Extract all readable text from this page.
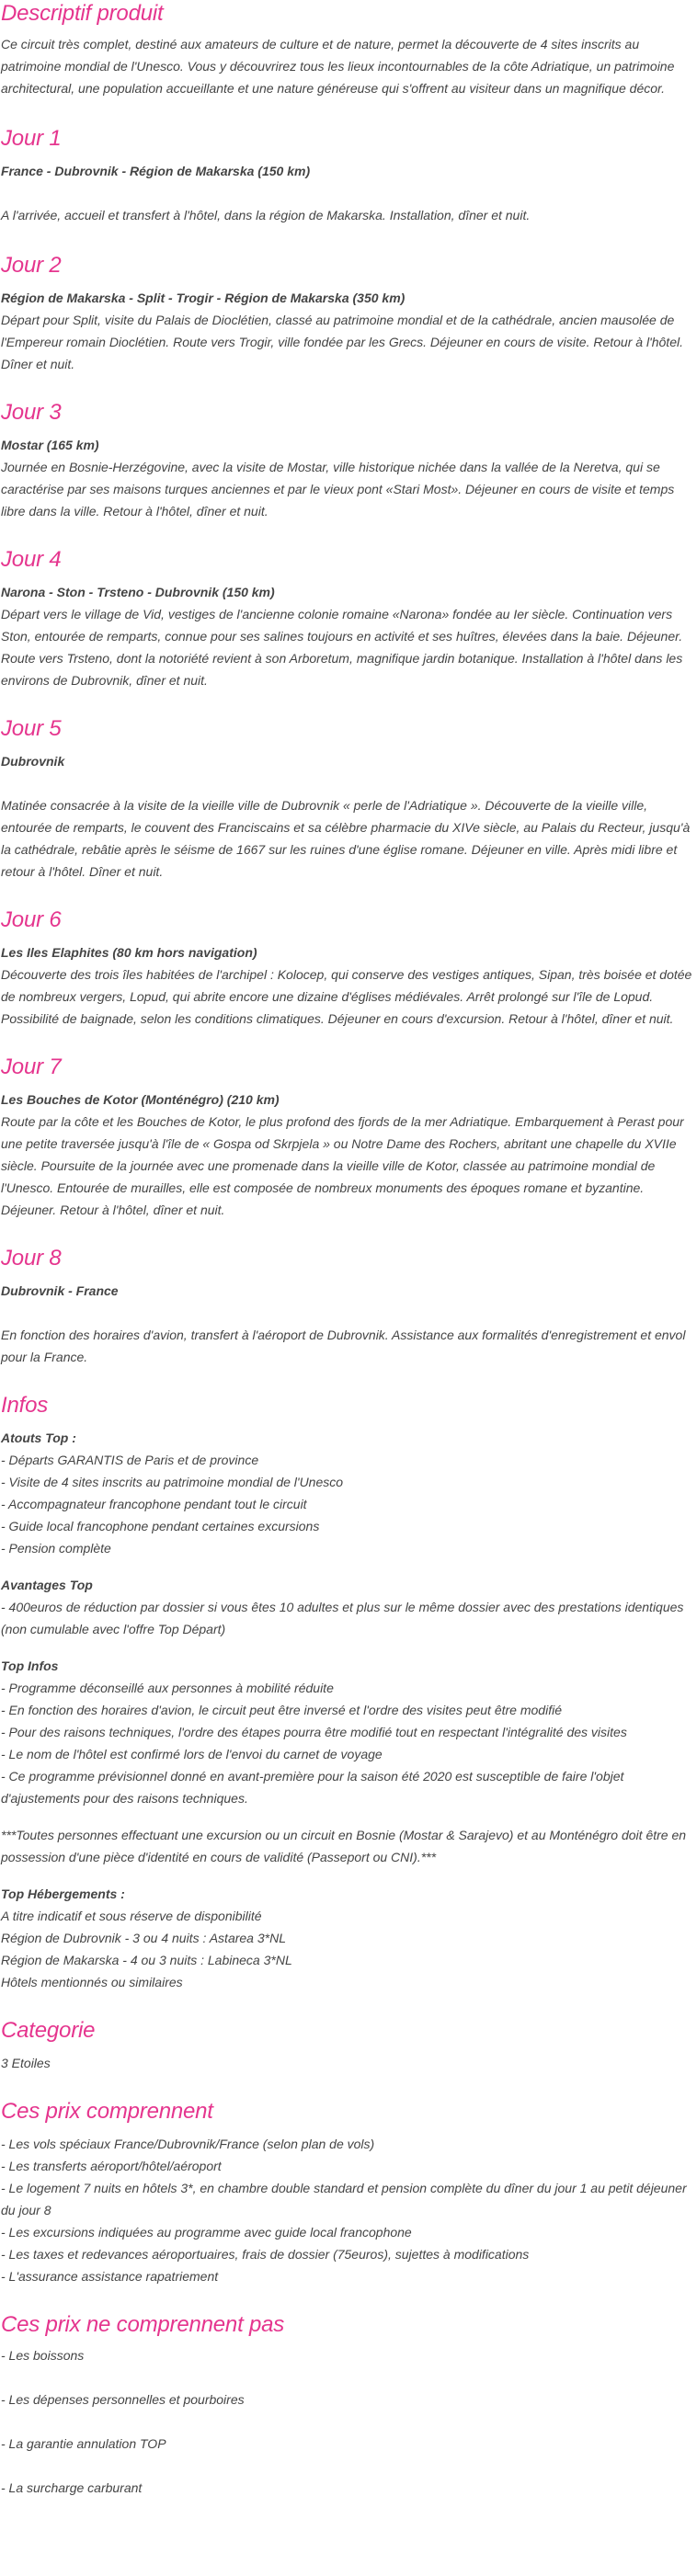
Descriptif produit

Ce circuit très complet, destiné aux amateurs de culture et de nature, permet la découverte de 4 sites inscrits au patrimoine mondial de l'Unesco. Vous y découvrirez tous les lieux incontournables de la côte Adriatique, un patrimoine architectural, une population accueillante et une nature généreuse qui s'offrent au visiteur dans un magnifique décor.

Jour 1

France - Dubrovnik - Région de Makarska (150 km)

A l'arrivée, accueil et transfert à l'hôtel, dans la région de Makarska. Installation, dîner et nuit.

Jour 2

Région de Makarska - Split - Trogir - Région de Makarska (350 km)

Départ pour Split, visite du Palais de Dioclétien, classé au patrimoine mondial et de la cathédrale, ancien mausolée de l'Empereur romain Dioclétien. Route vers Trogir, ville fondée par les Grecs. Déjeuner en cours de visite. Retour à l'hôtel. Dîner et nuit.

Jour 3

Mostar (165 km)

Journée en Bosnie-Herzégovine, avec la visite de Mostar, ville historique nichée dans la vallée de la Neretva, qui se caractérise par ses maisons turques anciennes et par le vieux pont «Stari Most». Déjeuner en cours de visite et temps libre dans la ville. Retour à l'hôtel, dîner et nuit.

Jour 4

Narona - Ston - Trsteno - Dubrovnik (150 km)

Départ vers le village de Vid, vestiges de l'ancienne colonie romaine «Narona» fondée au Ier siècle. Continuation vers Ston, entourée de remparts, connue pour ses salines toujours en activité et ses huîtres, élevées dans la baie. Déjeuner. Route vers Trsteno, dont la notoriété revient à son Arboretum, magnifique jardin botanique. Installation à l'hôtel dans les environs de Dubrovnik, dîner et nuit.

Jour 5

Dubrovnik

Matinée consacrée à la visite de la vieille ville de Dubrovnik « perle de l'Adriatique ». Découverte de la vieille ville, entourée de remparts, le couvent des Franciscains et sa célèbre pharmacie du XIVe siècle, au Palais du Recteur, jusqu'à la cathédrale, rebâtie après le séisme de 1667 sur les ruines d'une église romane. Déjeuner en ville. Après midi libre et retour à l'hôtel. Dîner et nuit.

Jour 6

Les Iles Elaphites (80 km hors navigation)

Découverte des trois îles habitées de l'archipel : Kolocep, qui conserve des vestiges antiques, Sipan, très boisée et dotée de nombreux vergers, Lopud, qui abrite encore une dizaine d'églises médiévales. Arrêt prolongé sur l'île de Lopud. Possibilité de baignade, selon les conditions climatiques. Déjeuner en cours d'excursion. Retour à l'hôtel, dîner et nuit.

Jour 7

Les Bouches de Kotor (Monténégro) (210 km)

Route par la côte et les Bouches de Kotor, le plus profond des fjords de la mer Adriatique. Embarquement à Perast pour une petite traversée jusqu'à l'île de « Gospa od Skrpjela » ou Notre Dame des Rochers, abritant une chapelle du XVIIe siècle. Poursuite de la journée avec une promenade dans la vieille ville de Kotor, classée au patrimoine mondial de l'Unesco. Entourée de murailles, elle est composée de nombreux monuments des époques romane et byzantine. Déjeuner. Retour à l'hôtel, dîner et nuit.

Jour 8

Dubrovnik - France

En fonction des horaires d'avion, transfert à l'aéroport de Dubrovnik. Assistance aux formalités d'enregistrement et envol pour la France.

Infos

Atouts Top :

- Départs GARANTIS de Paris et de province
- Visite de 4 sites inscrits au patrimoine mondial de l'Unesco
- Accompagnateur francophone pendant tout le circuit
- Guide local francophone pendant certaines excursions
- Pension complète

Avantages Top

- 400euros de réduction par dossier si vous êtes 10 adultes et plus sur le même dossier avec des prestations identiques (non cumulable avec l'offre Top Départ)

Top Infos

- Programme déconseillé aux personnes à mobilité réduite
- En fonction des horaires d'avion, le circuit peut être inversé et l'ordre des visites peut être modifié
- Pour des raisons techniques, l'ordre des étapes pourra être modifié tout en respectant l'intégralité des visites
- Le nom de l'hôtel est confirmé lors de l'envoi du carnet de voyage
- Ce programme prévisionnel donné en avant-première pour la saison été 2020 est susceptible de faire l'objet d'ajustements pour des raisons techniques.

***Toutes personnes effectuant une excursion ou un circuit en Bosnie (Mostar & Sarajevo) et au Monténégro doit être en possession d'une pièce d'identité en cours de validité (Passeport ou CNI).***

Top Hébergements :

A titre indicatif et sous réserve de disponibilité
Région de Dubrovnik - 3 ou 4 nuits : Astarea 3*NL
Région de Makarska - 4 ou 3 nuits : Labineca 3*NL
Hôtels mentionnés ou similaires
Categorie

3 Etoiles

Ces prix comprennent
- Les vols spéciaux France/Dubrovnik/France (selon plan de vols)
- Les transferts aéroport/hôtel/aéroport
- Le logement 7 nuits en hôtels 3*, en chambre double standard et pension complète du dîner du jour 1 au petit déjeuner du jour 8
- Les excursions indiquées au programme avec guide local francophone
- Les taxes et redevances aéroportuaires, frais de dossier (75euros), sujettes à modifications
- L'assurance assistance rapatriement
Ces prix ne comprennent pas
- Les boissons
- Les dépenses personnelles et pourboires
- La garantie annulation TOP
- La surcharge carburant
